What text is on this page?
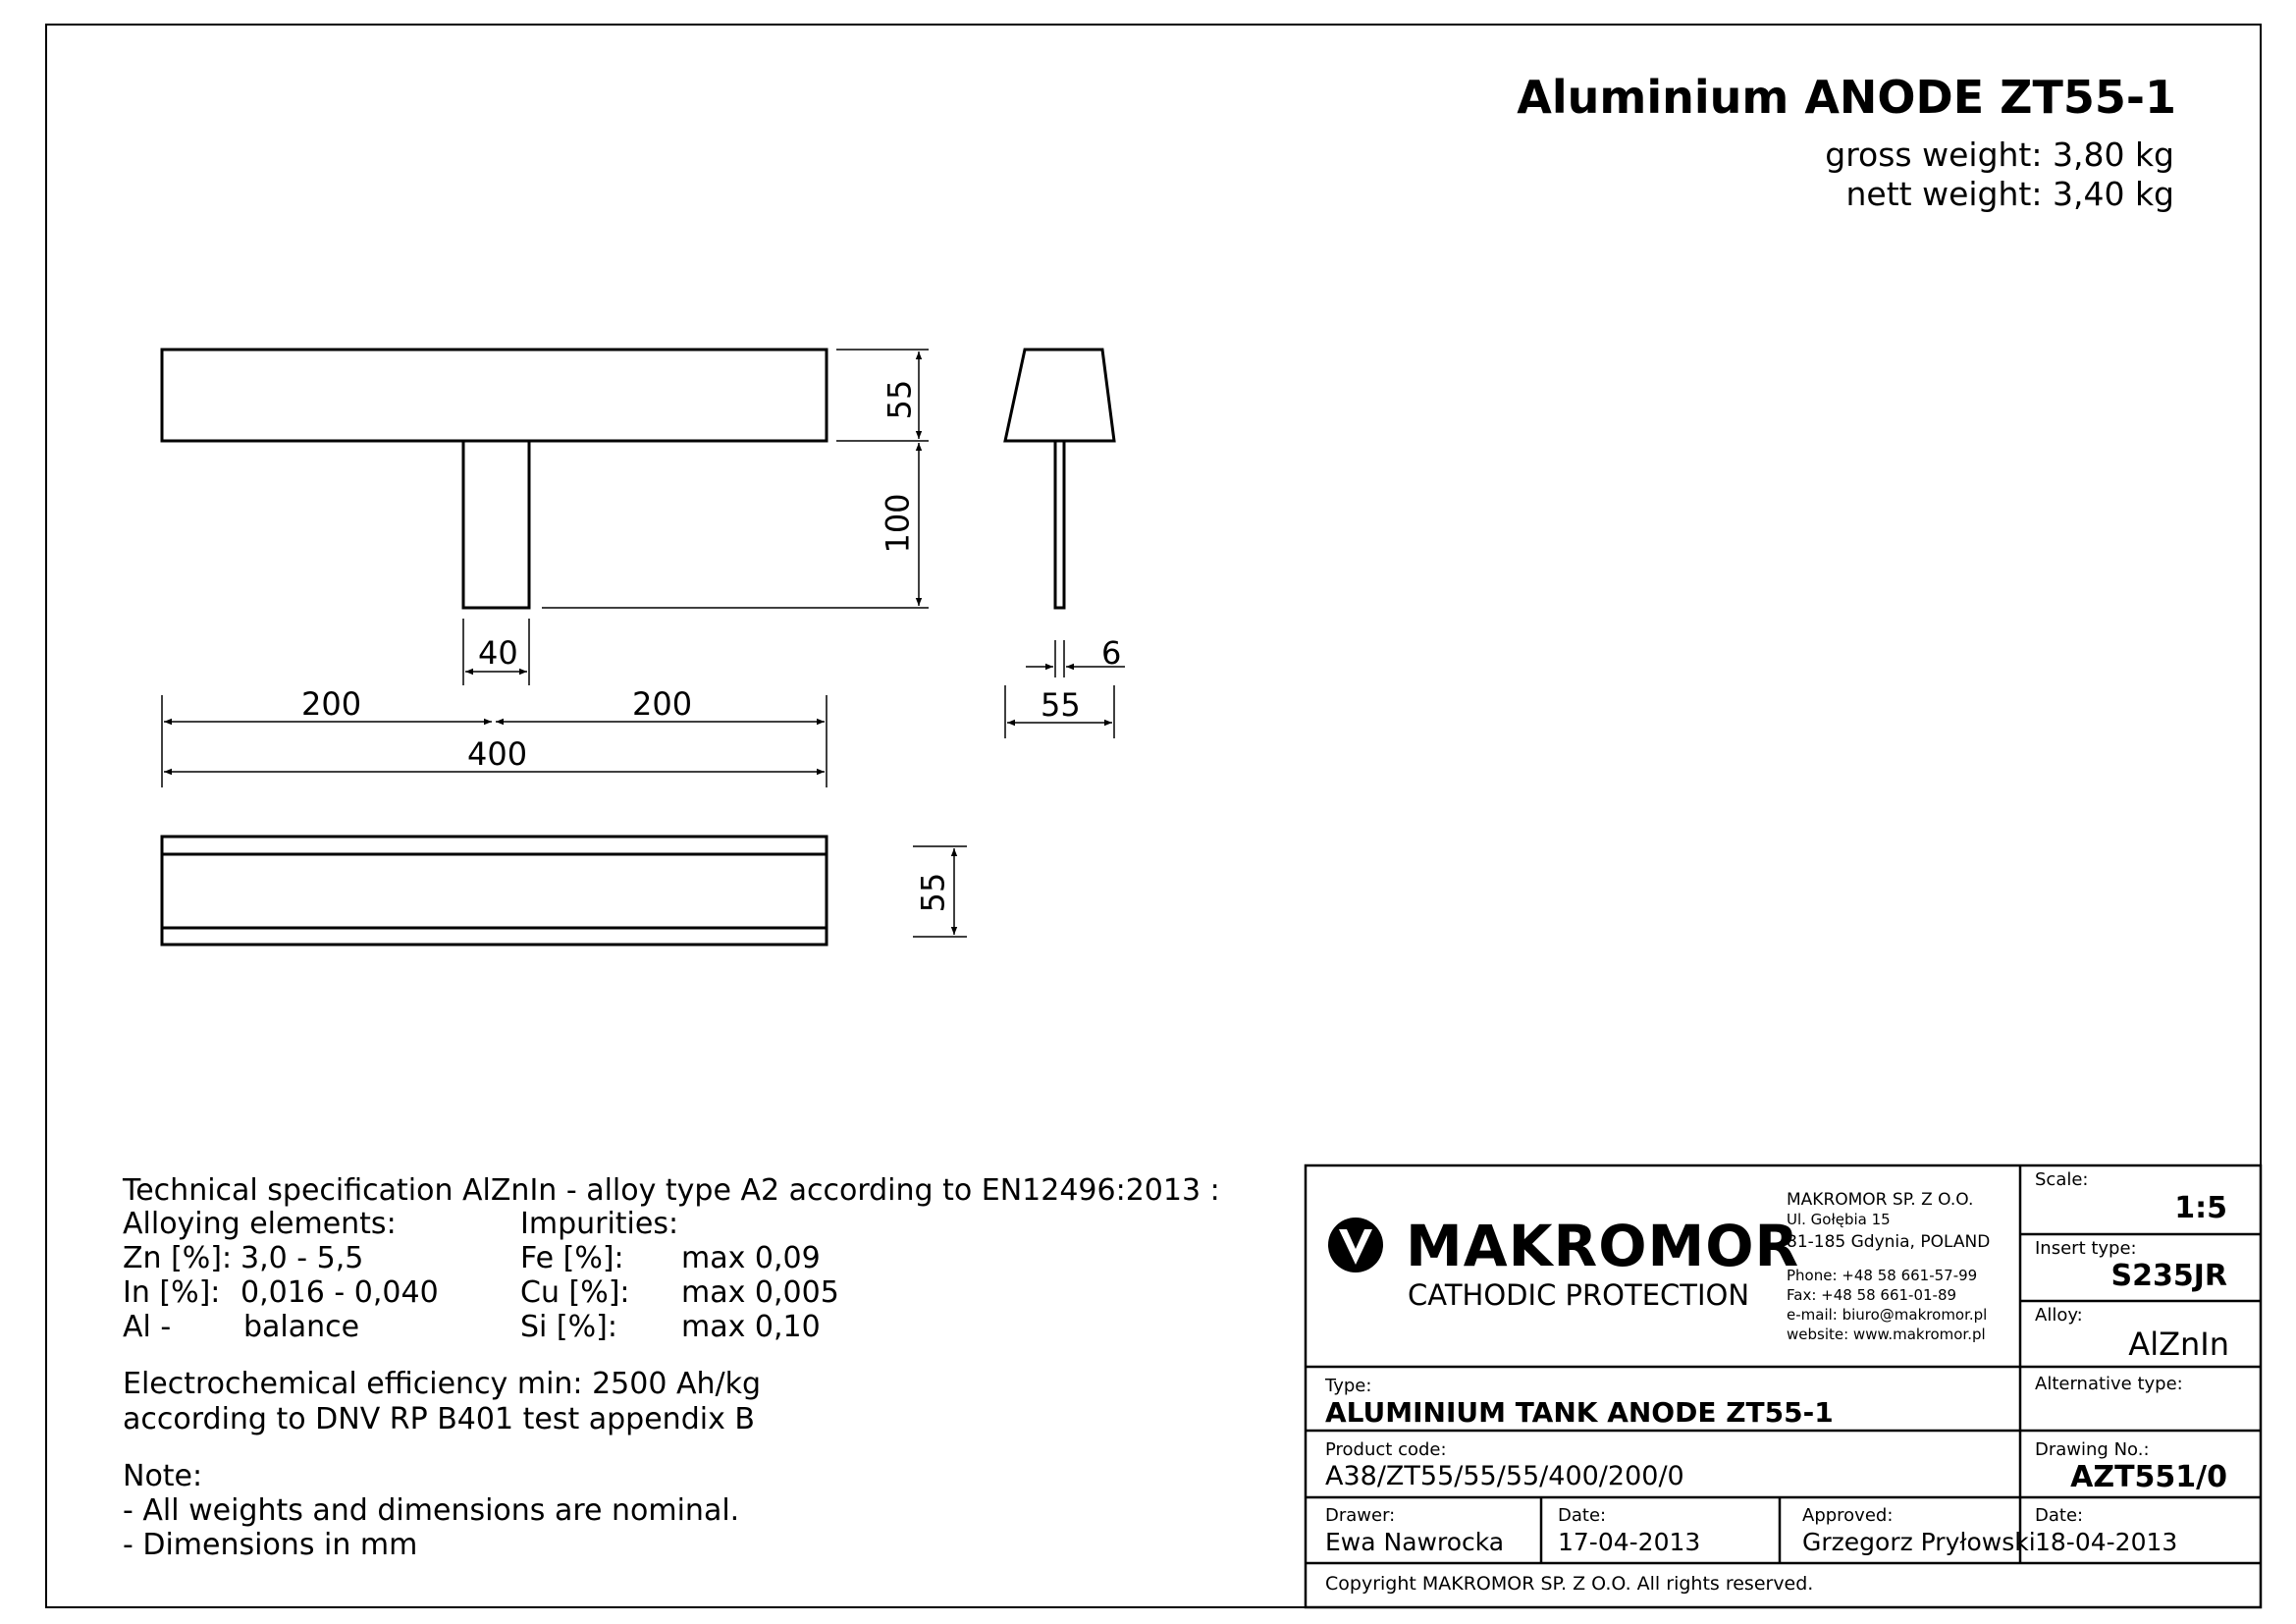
Aluminium ANODE ZT55-1
gross weight: 3,80 kg
nett weight: 3,40 kg
55
100
40
200	200
400
6
55
55
Technical specification AlZnIn - alloy type A2 according to EN12496:2013 :
Alloying elements:	Impurities:
Zn [%]: 3,0 - 5,5
In [%]: 0,016 - 0,040
Al - balance
Fe [%]: max 0,09
Cu [%]: max 0,005
Si [%]: max 0,10
Electrochemical efficiency min: 2500 Ah/kg
according to DNV RP B401 test appendix B
Note:
- All weights and dimensions are nominal.
- Dimensions in mm
MAKROMOR
CATHODIC PROTECTION
MAKROMOR SP. Z O.O.
Ul. Gołębia 15
81-185 Gdynia, POLAND
Phone: +48 58 661-57-99
Fax: +48 58 661-01-89
e-mail: biuro@makromor.pl
website: www.makromor.pl
Scale:
1:5
Insert type:
S235JR
Alloy:
AlZnIn
Type:
ALUMINIUM TANK ANODE ZT55-1
Alternative type:
Product code:
A38/ZT55/55/55/400/200/0
Drawing No.:
AZT551/0
Drawer:
Ewa Nawrocka
Date:
17-04-2013
Approved:
Grzegorz Pryłowski
Date:
18-04-2013
Copyright MAKROMOR SP. Z O.O. All rights reserved.
